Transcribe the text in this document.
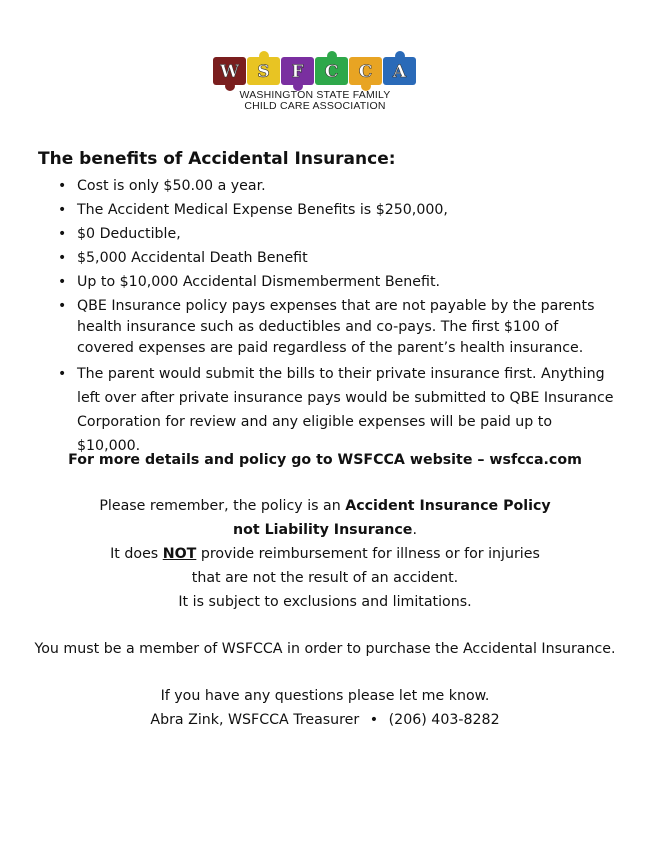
W S F C C A
WASHINGTON STATE FAMILY
CHILD CARE ASSOCIATION
The benefits of Accidental Insurance:
• Cost is only $50.00 a year.
• The Accident Medical Expense Benefits is $250,000,
• $0 Deductible,
• $5,000 Accidental Death Benefit
• Up to $10,000 Accidental Dismemberment Benefit.
• QBE Insurance policy pays expenses that are not payable by the parents health insurance such as deductibles and co-pays. The first $100 of covered expenses are paid regardless of the parent’s health insurance.
• The parent would submit the bills to their private insurance first. Anything left over after private insurance pays would be submitted to QBE Insurance Corporation for review and any eligible expenses will be paid up to $10,000.
For more details and policy go to WSFCCA website – wsfcca.com
Please remember, the policy is an Accident Insurance Policy
not Liability Insurance.
It does NOT provide reimbursement for illness or for injuries
that are not the result of an accident.
It is subject to exclusions and limitations.
You must be a member of WSFCCA in order to purchase the Accidental Insurance.
If you have any questions please let me know.
Abra Zink, WSFCCA Treasurer • (206) 403-8282
